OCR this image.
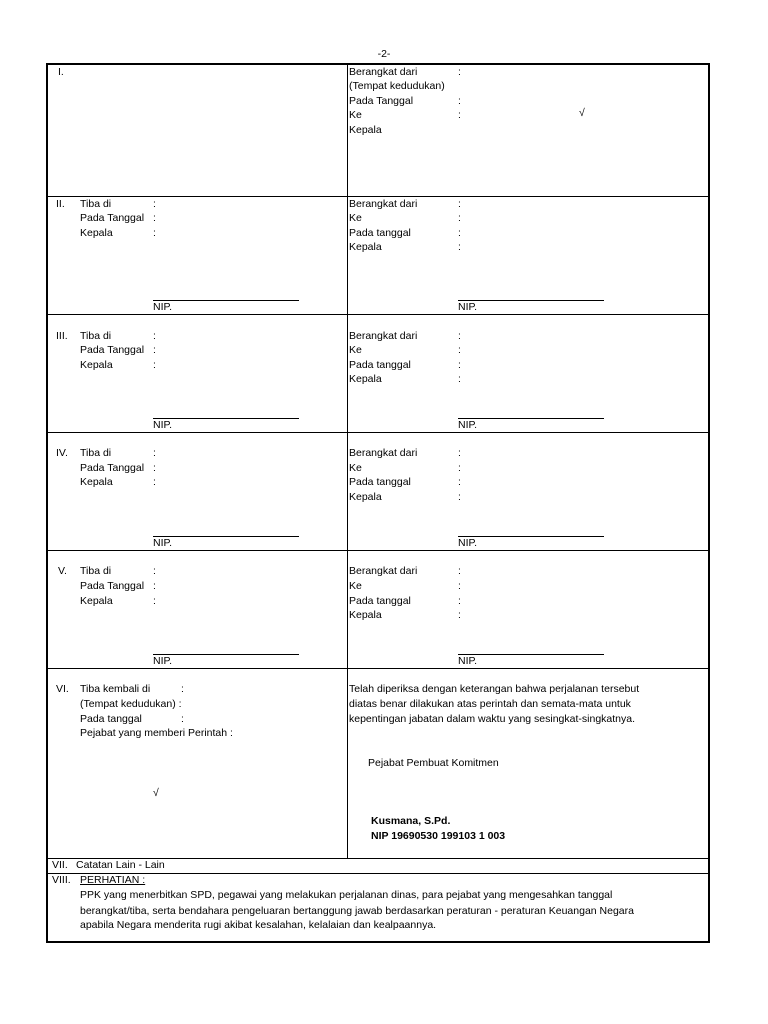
-2-
I.	Berangkat dari	:
(Tempat kedudukan)
Pada Tanggal	:
Ke	:	√
Kepala
II. Tiba di	:
Pada Tanggal :
Kepala	:
NIP.
Berangkat dari	:
Ke	:
Pada tanggal	:
Kepala	:
NIP.
III. Tiba di	:
Pada Tanggal :
Kepala	:
NIP.
Berangkat dari	:
Ke	:
Pada tanggal	:
Kepala	:
NIP.
IV. Tiba di	:
Pada Tanggal :
Kepala	:
NIP.
Berangkat dari	:
Ke	:
Pada tanggal	:
Kepala	:
NIP.
V. Tiba di	:
Pada Tanggal :
Kepala	:
NIP.
Berangkat dari	:
Ke	:
Pada tanggal	:
Kepala	:
NIP.
VI. Tiba kembali di	:
(Tempat kedudukan) :
Pada tanggal	:
Pejabat yang memberi Perintah :
√
Telah diperiksa dengan keterangan bahwa perjalanan tersebut
diatas benar dilakukan atas perintah dan semata-mata untuk
kepentingan jabatan dalam waktu yang sesingkat-singkatnya.
Pejabat Pembuat Komitmen
Kusmana, S.Pd.
NIP 19690530 199103 1 003
VII. Catatan Lain - Lain
VIII. PERHATIAN :
PPK yang menerbitkan SPD, pegawai yang melakukan perjalanan dinas, para pejabat yang mengesahkan tanggal
berangkat/tiba, serta bendahara pengeluaran bertanggung jawab berdasarkan peraturan - peraturan Keuangan Negara
apabila Negara menderita rugi akibat kesalahan, kelalaian dan kealpaannya.
